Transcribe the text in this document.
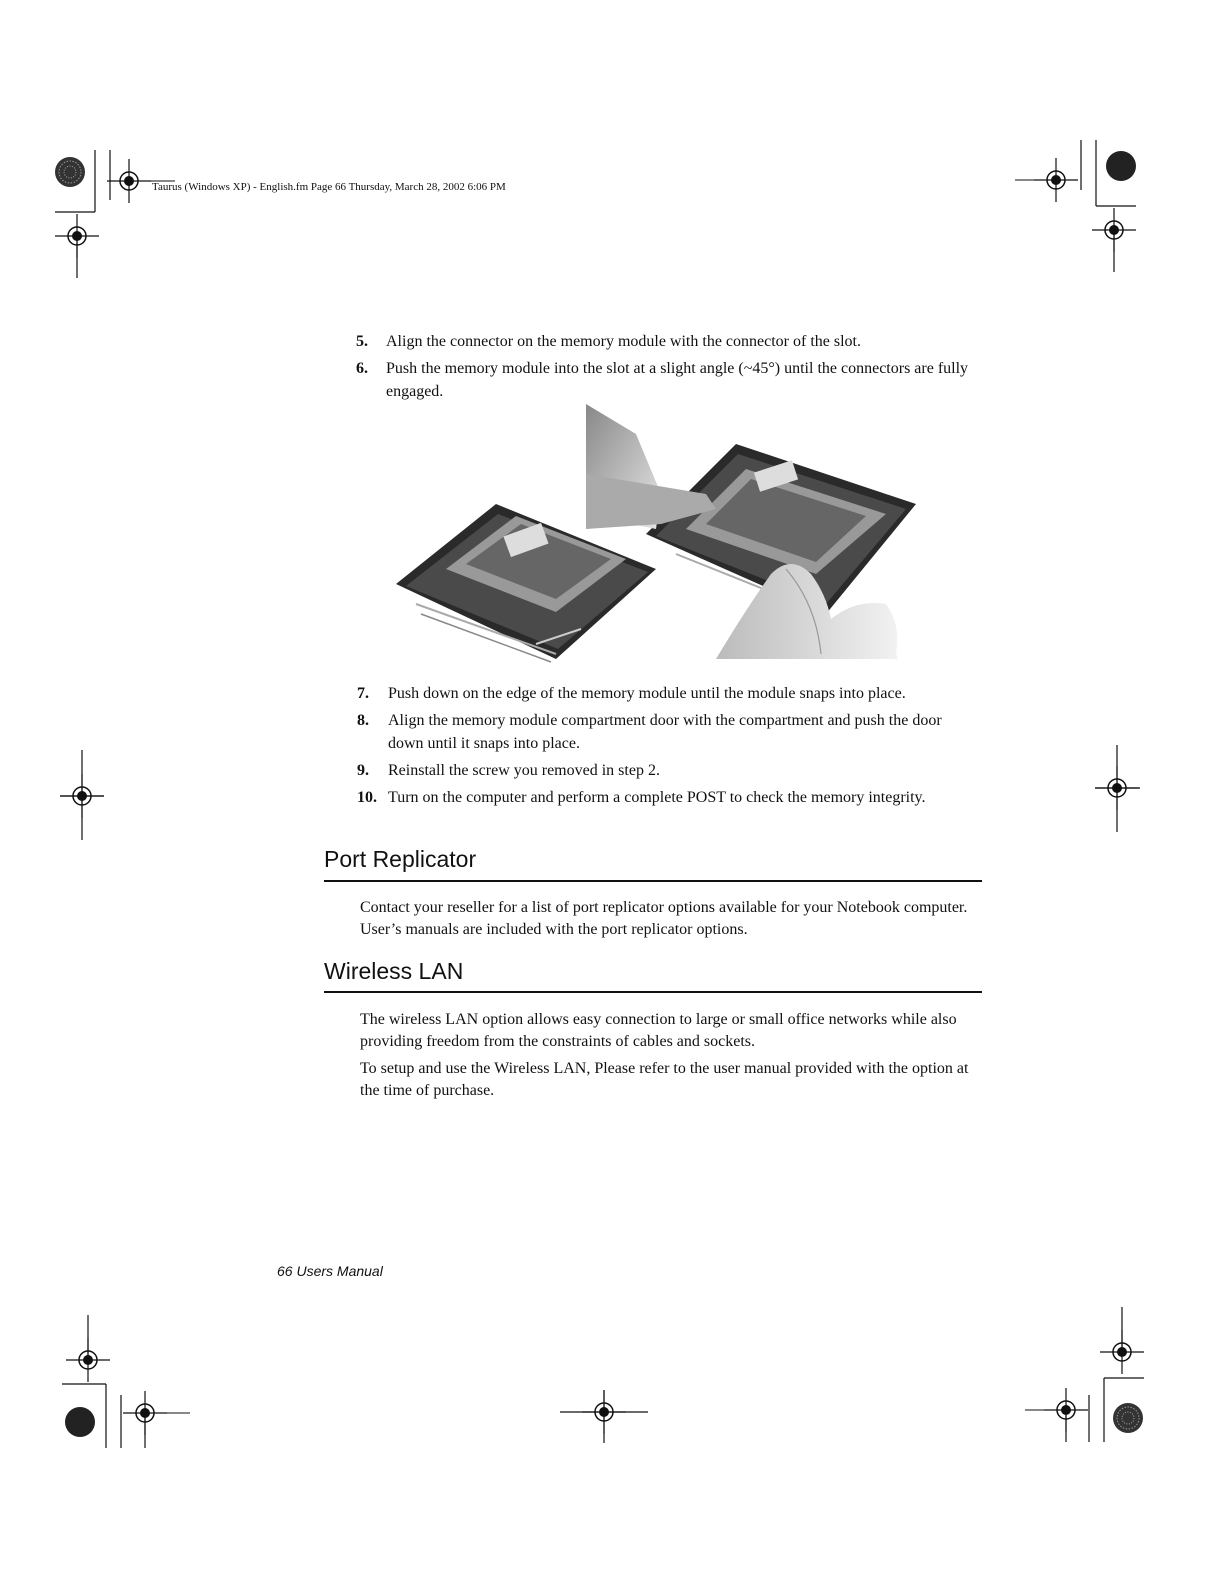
Taurus (Windows XP) - English.fm Page 66 Thursday, March 28, 2002 6:06 PM
5. Align the connector on the memory module with the connector of the slot.
6. Push the memory module into the slot at a slight angle (~45°) until the connectors are fully engaged.
7. Push down on the edge of the memory module until the module snaps into place.
8. Align the memory module compartment door with the compartment and push the door down until it snaps into place.
9. Reinstall the screw you removed in step 2.
10. Turn on the computer and perform a complete POST to check the memory integrity.
Port Replicator

Contact your reseller for a list of port replicator options available for your Notebook computer. User’s manuals are included with the port replicator options.

Wireless LAN

The wireless LAN option allows easy connection to large or small office networks while also providing freedom from the constraints of cables and sockets.

To setup and use the Wireless LAN, Please refer to the user manual provided with the option at the time of purchase.

66 Users Manual
